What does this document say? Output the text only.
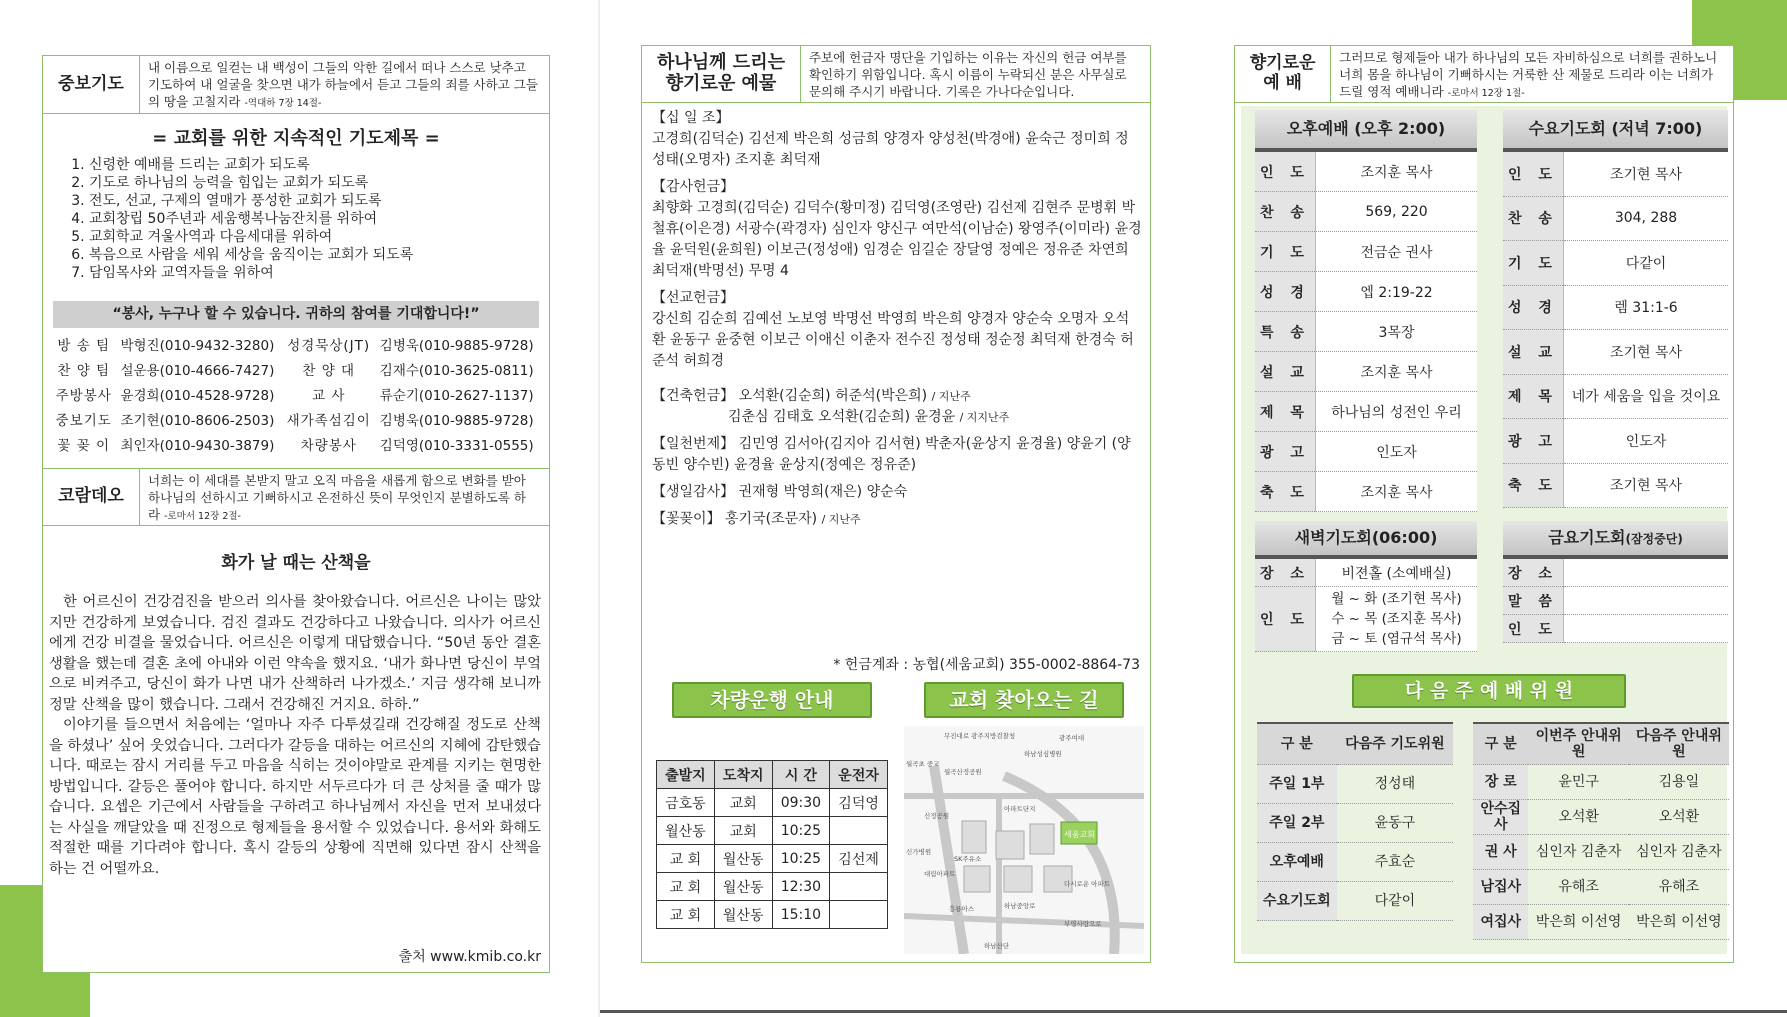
중보기도
내 이름으로 일컫는 내 백성이 그들의 악한 길에서 떠나 스스로 낮추고 기도하여 내 얼굴을 찾으면 내가 하늘에서 듣고 그들의 죄를 사하고 그들의 땅을 고칠지라 -역대하 7장 14절-
= 교회를 위한 지속적인 기도제목 =
1. 신령한 예배를 드리는 교회가 되도록
2. 기도로 하나님의 능력을 힘입는 교회가 되도록
3. 전도, 선교, 구제의 열매가 풍성한 교회가 되도록
4. 교회창립 50주년과 세움행복나눔잔치를 위하여
5. 교회학교 겨울사역과 다음세대를 위하여
6. 복음으로 사람을 세워 세상을 움직이는 교회가 되도록
7. 담임목사와 교역자들을 위하여
“봉사, 누구나 할 수 있습니다. 귀하의 참여를 기대합니다!”
방 송 팀	박형진(010-9432-3280)	성경묵상(JT)	김병욱(010-9885-9728)
찬 양 팀	설운용(010-4666-7427)	찬 양 대	김재수(010-3625-0811)
주방봉사	윤경희(010-4528-9728)	교 사	류순기(010-2627-1137)
중보기도	조기현(010-8606-2503)	새가족섬김이	김병욱(010-9885-9728)
꽃 꽂 이	최인자(010-9430-3879)	차량봉사	김덕영(010-3331-0555)
코람데오
너희는 이 세대를 본받지 말고 오직 마음을 새롭게 함으로 변화를 받아 하나님의 선하시고 기뻐하시고 온전하신 뜻이 무엇인지 분별하도록 하라 -로마서 12장 2절-
화가 날 때는 산책을

한 어르신이 건강검진을 받으러 의사를 찾아왔습니다. 어르신은 나이는 많았지만 건강하게 보였습니다. 검진 결과도 건강하다고 나왔습니다. 의사가 어르신에게 건강 비결을 물었습니다. 어르신은 이렇게 대답했습니다. “50년 동안 결혼생활을 했는데 결혼 초에 아내와 이런 약속을 했지요. ‘내가 화나면 당신이 부엌으로 비켜주고, 당신이 화가 나면 내가 산책하러 나가겠소.’ 지금 생각해 보니까 정말 산책을 많이 했습니다. 그래서 건강해진 거지요. 하하.”

이야기를 들으면서 처음에는 ‘얼마나 자주 다투셨길래 건강해질 정도로 산책을 하셨나’ 싶어 웃었습니다. 그러다가 갈등을 대하는 어르신의 지혜에 감탄했습니다. 때로는 잠시 거리를 두고 마음을 식히는 것이야말로 관계를 지키는 현명한 방법입니다. 갈등은 풀어야 합니다. 하지만 서두르다가 더 큰 상처를 줄 때가 많습니다. 요셉은 기근에서 사람들을 구하려고 하나님께서 자신을 먼저 보내셨다는 사실을 깨달았을 때 진정으로 형제들을 용서할 수 있었습니다. 용서와 화해도 적절한 때를 기다려야 합니다. 혹시 갈등의 상황에 직면해 있다면 잠시 산책을 하는 건 어떨까요.

출처 www.kmib.co.kr
하나님께 드리는 향기로운 예물
주보에 헌금자 명단을 기입하는 이유는 자신의 헌금 여부를 확인하기 위함입니다. 혹시 이름이 누락되신 분은 사무실로 문의해 주시기 바랍니다. 기록은 가나다순입니다.
【십 일 조】
고경희(김덕순) 김선제 박은희 성금희 양경자 양성천(박경애) 윤숙근 정미희 정성태(오명자) 조지훈 최덕재
【감사헌금】
최향화 고경희(김덕순) 김덕수(황미정) 김덕영(조영란) 김선제 김현주 문병휘 박철휴(이은경) 서광수(곽경자) 심인자 양신구 여만석(이남순) 왕영주(이미라) 윤경율 윤덕원(윤희원) 이보근(정성애) 임경순 임길순 장달영 정예은 정유준 차연희 최덕재(박명선) 무명 4
【선교헌금】
강신희 김순희 김예선 노보영 박명선 박영희 박은희 양경자 양순숙 오명자 오석환 윤동구 윤중현 이보근 이애신 이춘자 전수진 정성태 정순정 최덕재 한경숙 허준석 허희경
【건축헌금】 오석환(김순희) 허준석(박은희) / 지난주
김춘심 김태호 오석환(김순희) 윤경윤 / 지지난주
【일천번제】 김민영 김서아(김지아 김서현) 박춘자(윤상지 윤경율) 양윤기 (양동빈 양수빈) 윤경율 윤상지(정예은 정유준)
【생일감사】 권재형 박영희(재은) 양순숙
【꽃꽂이】 홍기국(조문자) / 지난주
* 헌금계좌 : 농협(세움교회) 355-0002-8864-73
차량운행 안내	교회 찾아오는 길
출발지	도착지	시 간	운전자
금호동	교회	09:30	김덕영
월산동	교회	10:25	
교 회	월산동	10:25	김선제
교 회	월산동	12:30	
교 회	월산동	15:10	
세움교회
무진대로 광주지방검찰청	광주여대
하남성심병원
월곡초 중교
월곡산정공원
아파트단지
신정공원
신가병원
SK주유소
대림아파트
다시로운 아파트
흥룡아스
하남산단
부영사랑으로
하남중앙로
향기로운 예 배
그러므로 형제들아 내가 하나님의 모든 자비하심으로 너희를 권하노니 너희 몸을 하나님이 기뻐하시는 거룩한 산 제물로 드리라 이는 너희가 드릴 영적 예배니라 -로마서 12장 1절-
오후예배 (오후 2:00)
인 도	조지훈 목사
찬 송	569, 220
기 도	전금순 권사
성 경	엡 2:19-22
특 송	3목장
설 교	조지훈 목사
제 목	하나님의 성전인 우리
광 고	인도자
축 도	조지훈 목사
수요기도회 (저녁 7:00)
인 도	조기현 목사
찬 송	304, 288
기 도	다같이
성 경	렘 31:1-6
설 교	조기현 목사
제 목	네가 세움을 입을 것이요
광 고	인도자
축 도	조기현 목사
새벽기도회(06:00)
장 소	비젼홀 (소예배실)
인 도	월 ~ 화 (조기현 목사)
수 ~ 목 (조지훈 목사)
금 ~ 토 (염규석 목사)
금요기도회(잠정중단)
장 소	
말 씀	
인 도	
다 음 주 예 배 위 원
구 분	다음주 기도위원
주일 1부	정성태
주일 2부	윤동구
오후예배	주효순
수요기도회	다같이
구 분	이번주 안내위원	다음주 안내위원
장 로	윤민구	김용일
안수집사	오석환	오석환
권 사	심인자 김춘자	심인자 김춘자
남집사	유해조	유해조
여집사	박은희 이선영	박은희 이선영
